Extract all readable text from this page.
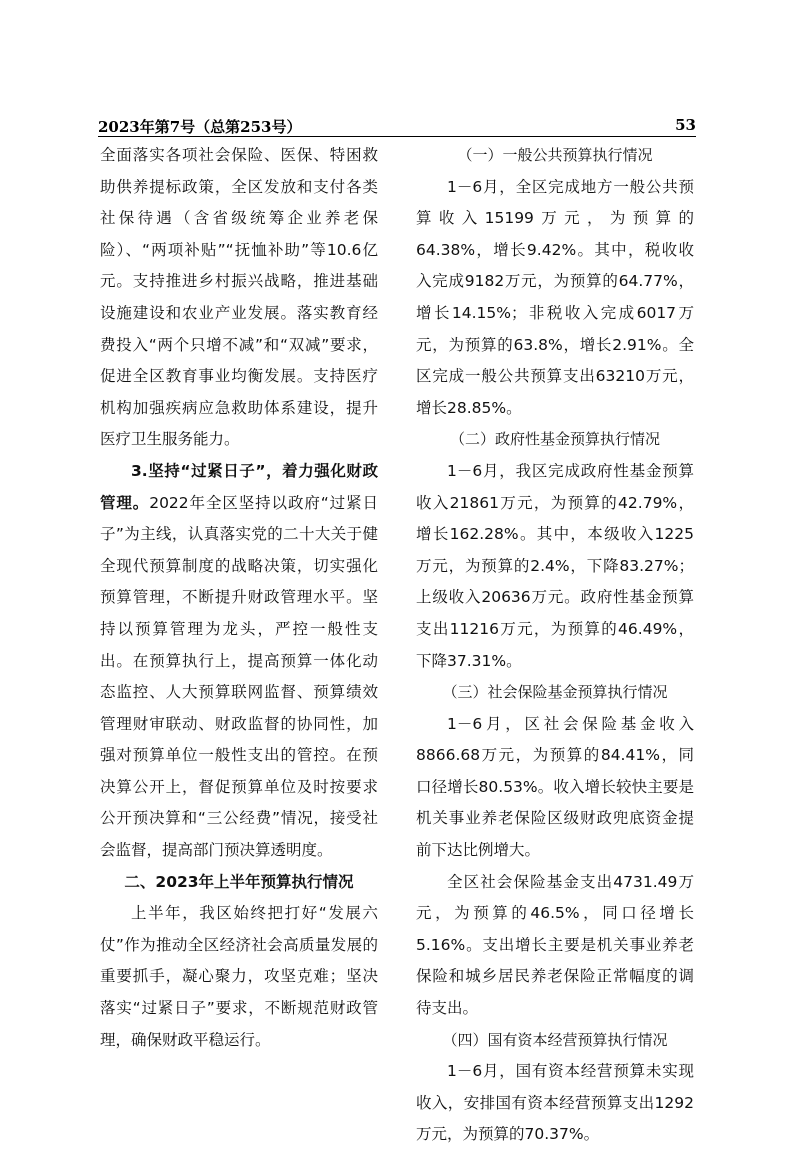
2023年第7号（总第253号）	53

全面落实各项社会保险、医保、特困救助供养提标政策，全区发放和支付各类社保待遇（含省级统筹企业养老保险）、“两项补贴”“抚恤补助”等10.6亿元。支持推进乡村振兴战略，推进基础设施建设和农业产业发展。落实教育经费投入“两个只增不减”和“双减”要求，促进全区教育事业均衡发展。支持医疗机构加强疾病应急救助体系建设，提升医疗卫生服务能力。

3.坚持“过紧日子”，着力强化财政管理。2022年全区坚持以政府“过紧日子”为主线，认真落实党的二十大关于健全现代预算制度的战略决策，切实强化预算管理，不断提升财政管理水平。坚持以预算管理为龙头，严控一般性支出。在预算执行上，提高预算一体化动态监控、人大预算联网监督、预算绩效管理财审联动、财政监督的协同性，加强对预算单位一般性支出的管控。在预决算公开上，督促预算单位及时按要求公开预决算和“三公经费”情况，接受社会监督，提高部门预决算透明度。

二、2023年上半年预算执行情况

上半年，我区始终把打好“发展六仗”作为推动全区经济社会高质量发展的重要抓手，凝心聚力，攻坚克难；坚决落实“过紧日子”要求，不断规范财政管理，确保财政平稳运行。

（一）一般公共预算执行情况

1－6月，全区完成地方一般公共预算收入15199万元，为预算的64.38%，增长9.42%。其中，税收收入完成9182万元，为预算的64.77%，增长14.15%；非税收入完成6017万元，为预算的63.8%，增长2.91%。全区完成一般公共预算支出63210万元，增长28.85%。

（二）政府性基金预算执行情况

1－6月，我区完成政府性基金预算收入21861万元，为预算的42.79%，增长162.28%。其中，本级收入1225万元，为预算的2.4%，下降83.27%；上级收入20636万元。政府性基金预算支出11216万元，为预算的46.49%，下降37.31%。

（三）社会保险基金预算执行情况

1－6月，区社会保险基金收入8866.68万元，为预算的84.41%，同口径增长80.53%。收入增长较快主要是机关事业养老保险区级财政兜底资金提前下达比例增大。

全区社会保险基金支出4731.49万元，为预算的46.5%，同口径增长5.16%。支出增长主要是机关事业养老保险和城乡居民养老保险正常幅度的调待支出。

（四）国有资本经营预算执行情况

1－6月，国有资本经营预算未实现收入，安排国有资本经营预算支出1292万元，为预算的70.37%。
